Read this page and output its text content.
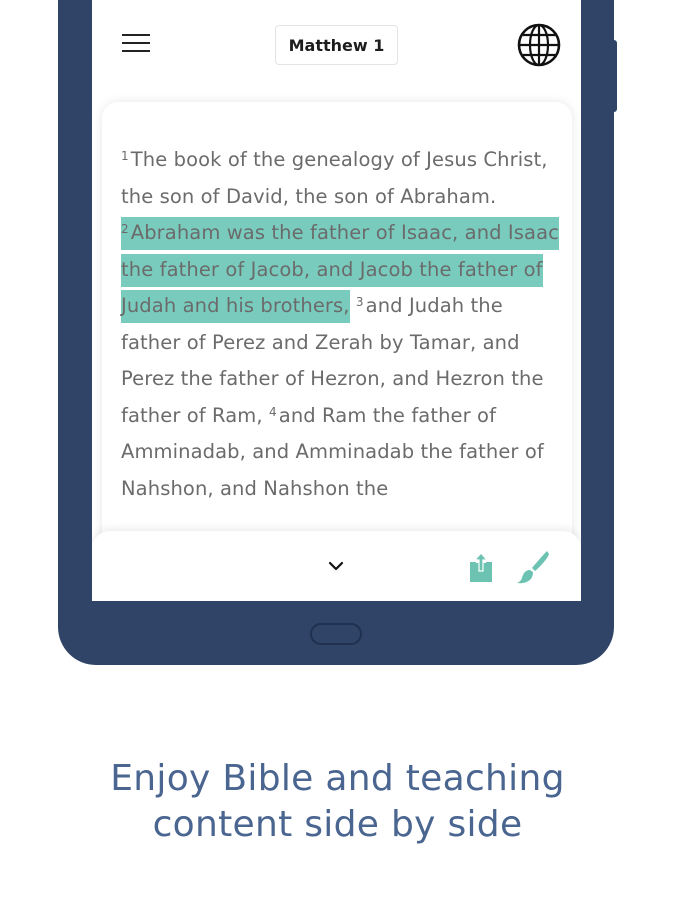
Matthew 1
$^1$ The book of the genealogy of Jesus Christ, the son of David, the son of Abraham. $^2$ Abraham was the father of Isaac, and Isaac the father of Jacob, and Jacob the father of Judah and his brothers, $^3$ and Judah the father of Perez and Zerah by Tamar, and Perez the father of Hezron, and Hezron the father of Ram, $^4$ and Ram the father of Amminadab, and Amminadab the father of Nahshon, and Nahshon the
Enjoy Bible and teaching
content side by side
